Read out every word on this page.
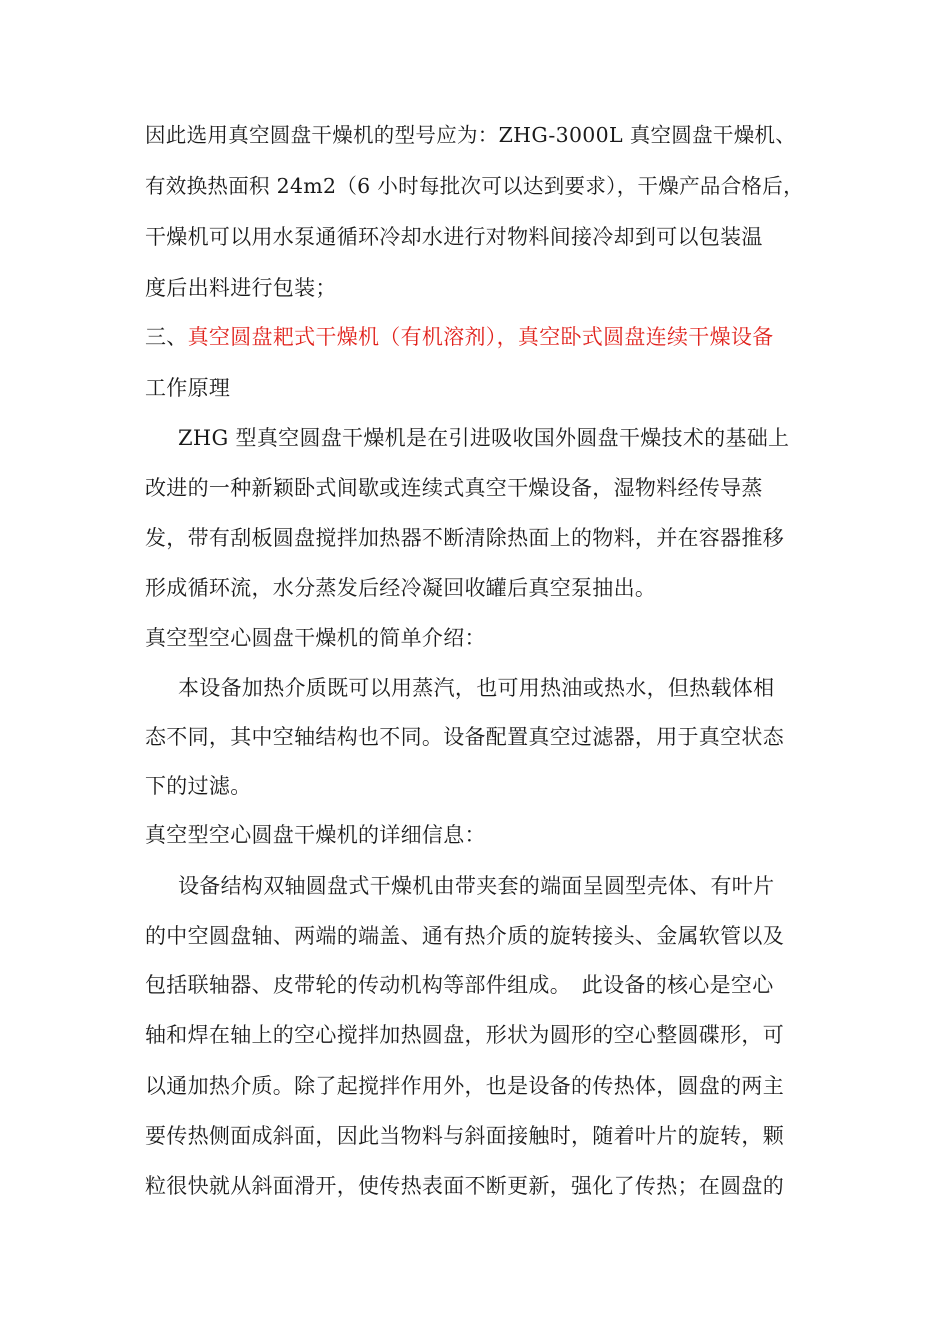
因此选用真空圆盘干燥机的型号应为：ZHG-3000L 真空圆盘干燥机、
有效换热面积 24m2（6 小时每批次可以达到要求），干燥产品合格后，
干燥机可以用水泵通循环冷却水进行对物料间接冷却到可以包装温
度后出料进行包装；
三、真空圆盘耙式干燥机（有机溶剂），真空卧式圆盘连续干燥设备
工作原理
ZHG 型真空圆盘干燥机是在引进吸收国外圆盘干燥技术的基础上
改进的一种新颖卧式间歇或连续式真空干燥设备，湿物料经传导蒸
发，带有刮板圆盘搅拌加热器不断清除热面上的物料，并在容器推移
形成循环流，水分蒸发后经冷凝回收罐后真空泵抽出。
真空型空心圆盘干燥机的简单介绍：
本设备加热介质既可以用蒸汽，也可用热油或热水，但热载体相
态不同，其中空轴结构也不同。设备配置真空过滤器，用于真空状态
下的过滤。
真空型空心圆盘干燥机的详细信息：
设备结构双轴圆盘式干燥机由带夹套的端面呈圆型壳体、有叶片
的中空圆盘轴、两端的端盖、通有热介质的旋转接头、金属软管以及
包括联轴器、皮带轮的传动机构等部件组成。　此设备的核心是空心
轴和焊在轴上的空心搅拌加热圆盘，形状为圆形的空心整圆碟形，可
以通加热介质。除了起搅拌作用外，也是设备的传热体，圆盘的两主
要传热侧面成斜面，因此当物料与斜面接触时，随着叶片的旋转，颗
粒很快就从斜面滑开，使传热表面不断更新，强化了传热；在圆盘的
